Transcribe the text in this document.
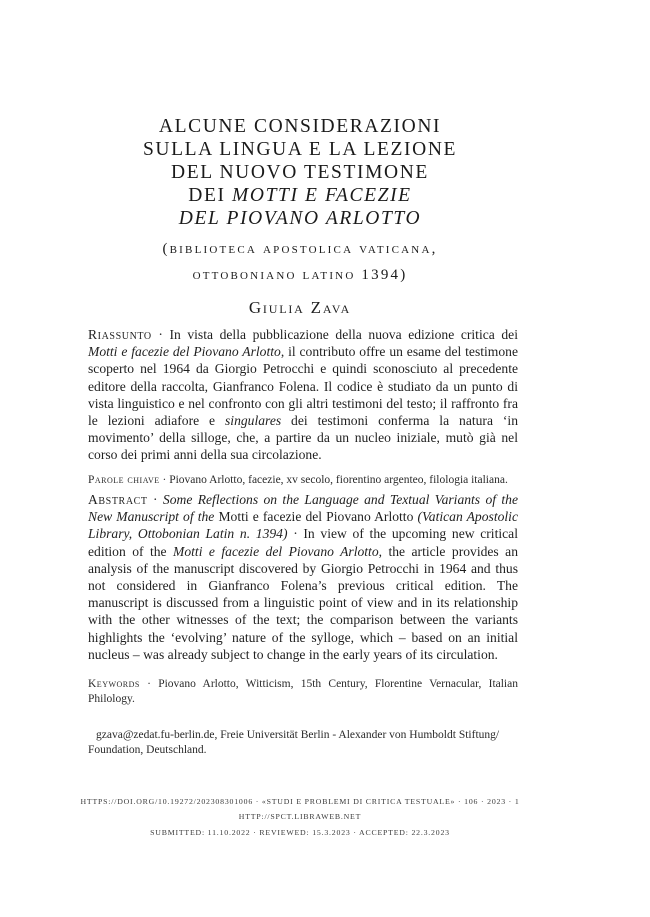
ALCUNE CONSIDERAZIONI
SULLA LINGUA E LA LEZIONE
DEL NUOVO TESTIMONE
DEI MOTTI E FACEZIE
DEL PIOVANO ARLOTTO
(biblioteca apostolica vaticana,
ottoboniano latino 1394)
Giulia Zava
Riassunto · In vista della pubblicazione della nuova edizione critica dei Motti e facezie del Piovano Arlotto, il contributo offre un esame del testimone scoperto nel 1964 da Giorgio Petrocchi e quindi sconosciuto al precedente editore della raccolta, Gianfranco Folena. Il codice è studiato da un punto di vista linguistico e nel confronto con gli altri testimoni del testo; il raffronto fra le lezioni adiafore e singulares dei testimoni conferma la natura ‘in movimento’ della silloge, che, a partire da un nucleo iniziale, mutò già nel corso dei primi anni della sua circolazione.
Parole chiave · Piovano Arlotto, facezie, xv secolo, fiorentino argenteo, filologia italiana.
Abstract · Some Reflections on the Language and Textual Variants of the New Manuscript of the Motti e facezie del Piovano Arlotto (Vatican Apostolic Library, Ottobonian Latin n. 1394) · In view of the upcoming new critical edition of the Motti e facezie del Piovano Arlotto, the article provides an analysis of the manuscript discovered by Giorgio Petrocchi in 1964 and thus not considered in Gianfranco Folena’s previous critical edition. The manuscript is discussed from a linguistic point of view and in its relationship with the other witnesses of the text; the comparison between the variants highlights the ‘evolving’ nature of the sylloge, which – based on an initial nucleus – was already subject to change in the early years of its circulation.
Keywords · Piovano Arlotto, Witticism, 15th Century, Florentine Vernacular, Italian Philology.
gzava@zedat.fu-berlin.de, Freie Universität Berlin - Alexander von Humboldt Stiftung/ Foundation, Deutschland.
HTTPS://DOI.ORG/10.19272/202308301006 · «STUDI E PROBLEMI DI CRITICA TESTUALE» · 106 · 2023 · 1
HTTP://SPCT.LIBRAWEB.NET
SUBMITTED: 11.10.2022 · REVIEWED: 15.3.2023 · ACCEPTED: 22.3.2023
